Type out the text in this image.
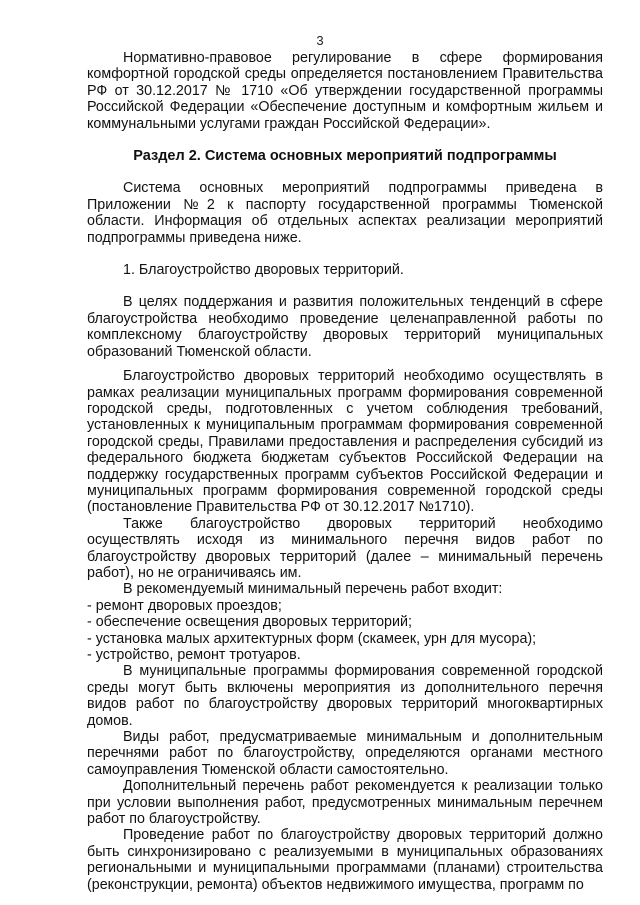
3

Нормативно-правовое регулирование в сфере формирования комфортной городской среды определяется постановлением Правительства РФ от 30.12.2017 № 1710 «Об утверждении государственной программы Российской Федерации «Обеспечение доступным и комфортным жильем и коммунальными услугами граждан Российской Федерации».

Раздел 2. Система основных мероприятий подпрограммы

Система основных мероприятий подпрограммы приведена в Приложении №2 к паспорту государственной программы Тюменской области. Информация об отдельных аспектах реализации мероприятий подпрограммы приведена ниже.

1. Благоустройство дворовых территорий.

В целях поддержания и развития положительных тенденций в сфере благоустройства необходимо проведение целенаправленной работы по комплексному благоустройству дворовых территорий муниципальных образований Тюменской области.

Благоустройство дворовых территорий необходимо осуществлять в рамках реализации муниципальных программ формирования современной городской среды, подготовленных с учетом соблюдения требований, установленных к муниципальным программам формирования современной городской среды, Правилами предоставления и распределения субсидий из федерального бюджета бюджетам субъектов Российской Федерации на поддержку государственных программ субъектов Российской Федерации и муниципальных программ формирования современной городской среды (постановление Правительства РФ от 30.12.2017 №1710).

Также благоустройство дворовых территорий необходимо осуществлять исходя из минимального перечня видов работ по благоустройству дворовых территорий (далее – минимальный перечень работ), но не ограничиваясь им.

В рекомендуемый минимальный перечень работ входит:

- ремонт дворовых проездов;
- обеспечение освещения дворовых территорий;
- установка малых архитектурных форм (скамеек, урн для мусора);
- устройство, ремонт тротуаров.

В муниципальные программы формирования современной городской среды могут быть включены мероприятия из дополнительного перечня видов работ по благоустройству дворовых территорий многоквартирных домов.

Виды работ, предусматриваемые минимальным и дополнительным перечнями работ по благоустройству, определяются органами местного самоуправления Тюменской области самостоятельно.

Дополнительный перечень работ рекомендуется к реализации только при условии выполнения работ, предусмотренных минимальным перечнем работ по благоустройству.

Проведение работ по благоустройству дворовых территорий должно быть синхронизировано с реализуемыми в муниципальных образованиях региональными и муниципальными программами (планами) строительства (реконструкции, ремонта) объектов недвижимого имущества, программ по
